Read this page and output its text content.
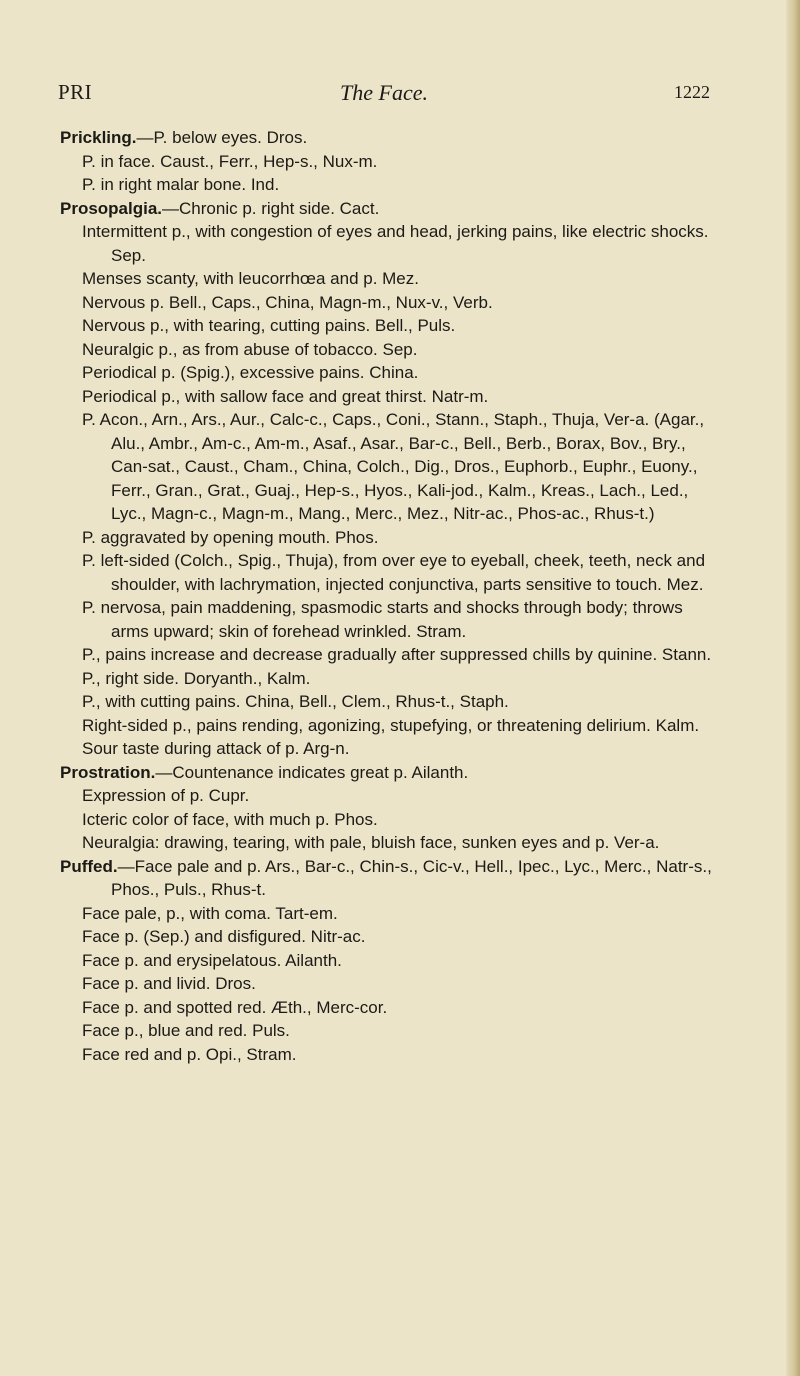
PRI	The Face.	1222

Prickling.—P. below eyes. Dros.

P. in face. Caust., Ferr., Hep-s., Nux-m.

P. in right malar bone. Ind.

Prosopalgia.—Chronic p. right side. Cact.

Intermittent p., with congestion of eyes and head, jerking pains, like electric shocks. Sep.

Menses scanty, with leucorrhœa and p. Mez.

Nervous p. Bell., Caps., China, Magn-m., Nux-v., Verb.

Nervous p., with tearing, cutting pains. Bell., Puls.

Neuralgic p., as from abuse of tobacco. Sep.

Periodical p. (Spig.), excessive pains. China.

Periodical p., with sallow face and great thirst. Natr-m.

P. Acon., Arn., Ars., Aur., Calc-c., Caps., Coni., Stann., Staph., Thuja, Ver-a. (Agar., Alu., Ambr., Am-c., Am-m., Asaf., Asar., Bar-c., Bell., Berb., Borax, Bov., Bry., Can-sat., Caust., Cham., China, Colch., Dig., Dros., Euphorb., Euphr., Euony., Ferr., Gran., Grat., Guaj., Hep-s., Hyos., Kali-jod., Kalm., Kreas., Lach., Led., Lyc., Magn-c., Magn-m., Mang., Merc., Mez., Nitr-ac., Phos-ac., Rhus-t.)

P. aggravated by opening mouth. Phos.

P. left-sided (Colch., Spig., Thuja), from over eye to eyeball, cheek, teeth, neck and shoulder, with lachrymation, injected conjunctiva, parts sensitive to touch. Mez.

P. nervosa, pain maddening, spasmodic starts and shocks through body; throws arms upward; skin of forehead wrinkled. Stram.

P., pains increase and decrease gradually after suppressed chills by quinine. Stann.

P., right side. Doryanth., Kalm.

P., with cutting pains. China, Bell., Clem., Rhus-t., Staph.

Right-sided p., pains rending, agonizing, stupefying, or threatening delirium. Kalm.

Sour taste during attack of p. Arg-n.

Prostration.—Countenance indicates great p. Ailanth.

Expression of p. Cupr.

Icteric color of face, with much p. Phos.

Neuralgia: drawing, tearing, with pale, bluish face, sunken eyes and p. Ver-a.

Puffed.—Face pale and p. Ars., Bar-c., Chin-s., Cic-v., Hell., Ipec., Lyc., Merc., Natr-s., Phos., Puls., Rhus-t.

Face pale, p., with coma. Tart-em.

Face p. (Sep.) and disfigured. Nitr-ac.

Face p. and erysipelatous. Ailanth.

Face p. and livid. Dros.

Face p. and spotted red. Æth., Merc-cor.

Face p., blue and red. Puls.

Face red and p. Opi., Stram.
